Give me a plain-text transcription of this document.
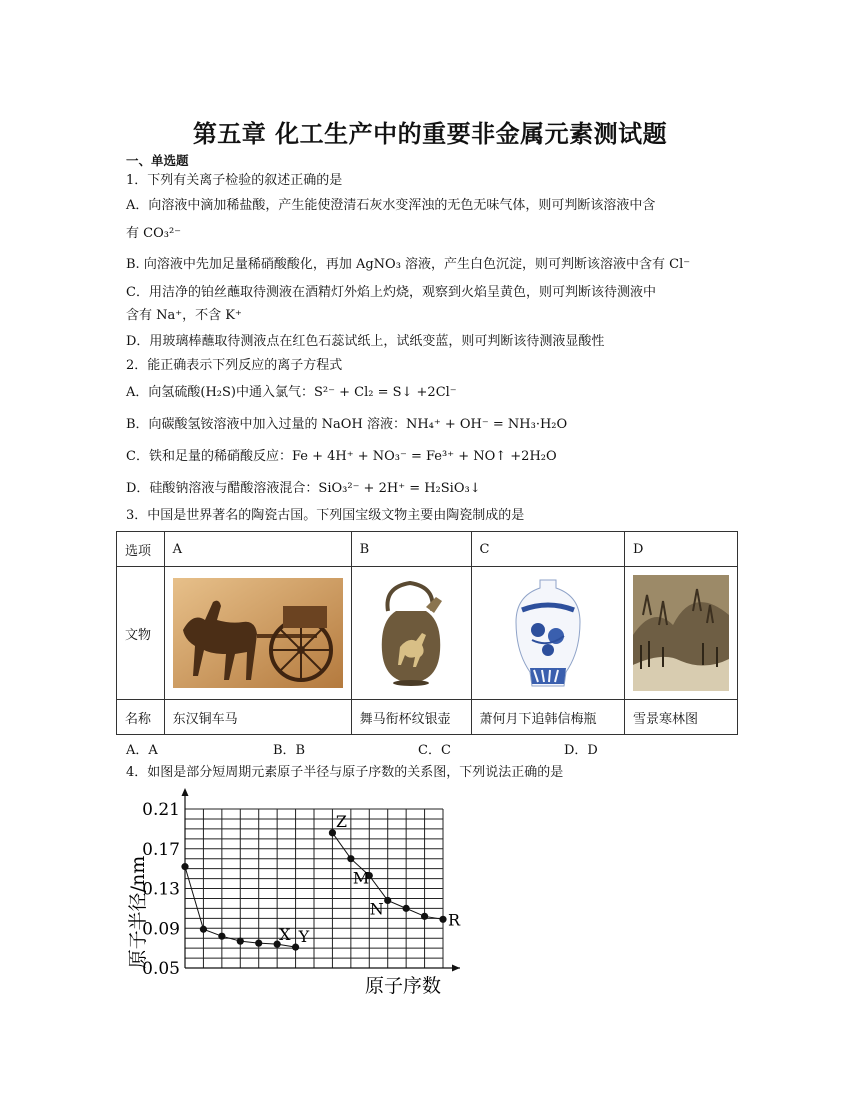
第五章 化工生产中的重要非金属元素测试题
一、单选题
1．下列有关离子检验的叙述正确的是
A．向溶液中滴加稀盐酸，产生能使澄清石灰水变浑浊的无色无味气体，则可判断该溶液中含
有 CO₃²⁻
B. 向溶液中先加足量稀硝酸酸化，再加 AgNO₃ 溶液，产生白色沉淀，则可判断该溶液中含有 Cl⁻
C．用洁净的铂丝蘸取待测液在酒精灯外焰上灼烧，观察到火焰呈黄色，则可判断该待测液中
含有 Na⁺，不含 K⁺
D．用玻璃棒蘸取待测液点在红色石蕊试纸上，试纸变蓝，则可判断该待测液显酸性
2．能正确表示下列反应的离子方程式
A．向氢硫酸(H₂S)中通入氯气：S²⁻ + Cl₂ = S↓ +2Cl⁻
B．向碳酸氢铵溶液中加入过量的 NaOH 溶液：NH₄⁺ + OH⁻ = NH₃·H₂O
C．铁和足量的稀硝酸反应：Fe + 4H⁺ + NO₃⁻ = Fe³⁺ + NO↑ +2H₂O
D．硅酸钠溶液与醋酸溶液混合：SiO₃²⁻ + 2H⁺ = H₂SiO₃↓
3．中国是世界著名的陶瓷古国。下列国宝级文物主要由陶瓷制成的是
选项	A	B	C	D
文物	

名称	东汉铜车马	舞马衔杯纹银壶	萧何月下追韩信梅瓶	雪景寒林图
A．A	B．B	C．C	D．D
4．如图是部分短周期元素原子半径与原子序数的关系图，下列说法正确的是
0.21
0.17
0.13
0.09
0.05
X Y
Z
M
N
R
原子半径/nm
原子序数
